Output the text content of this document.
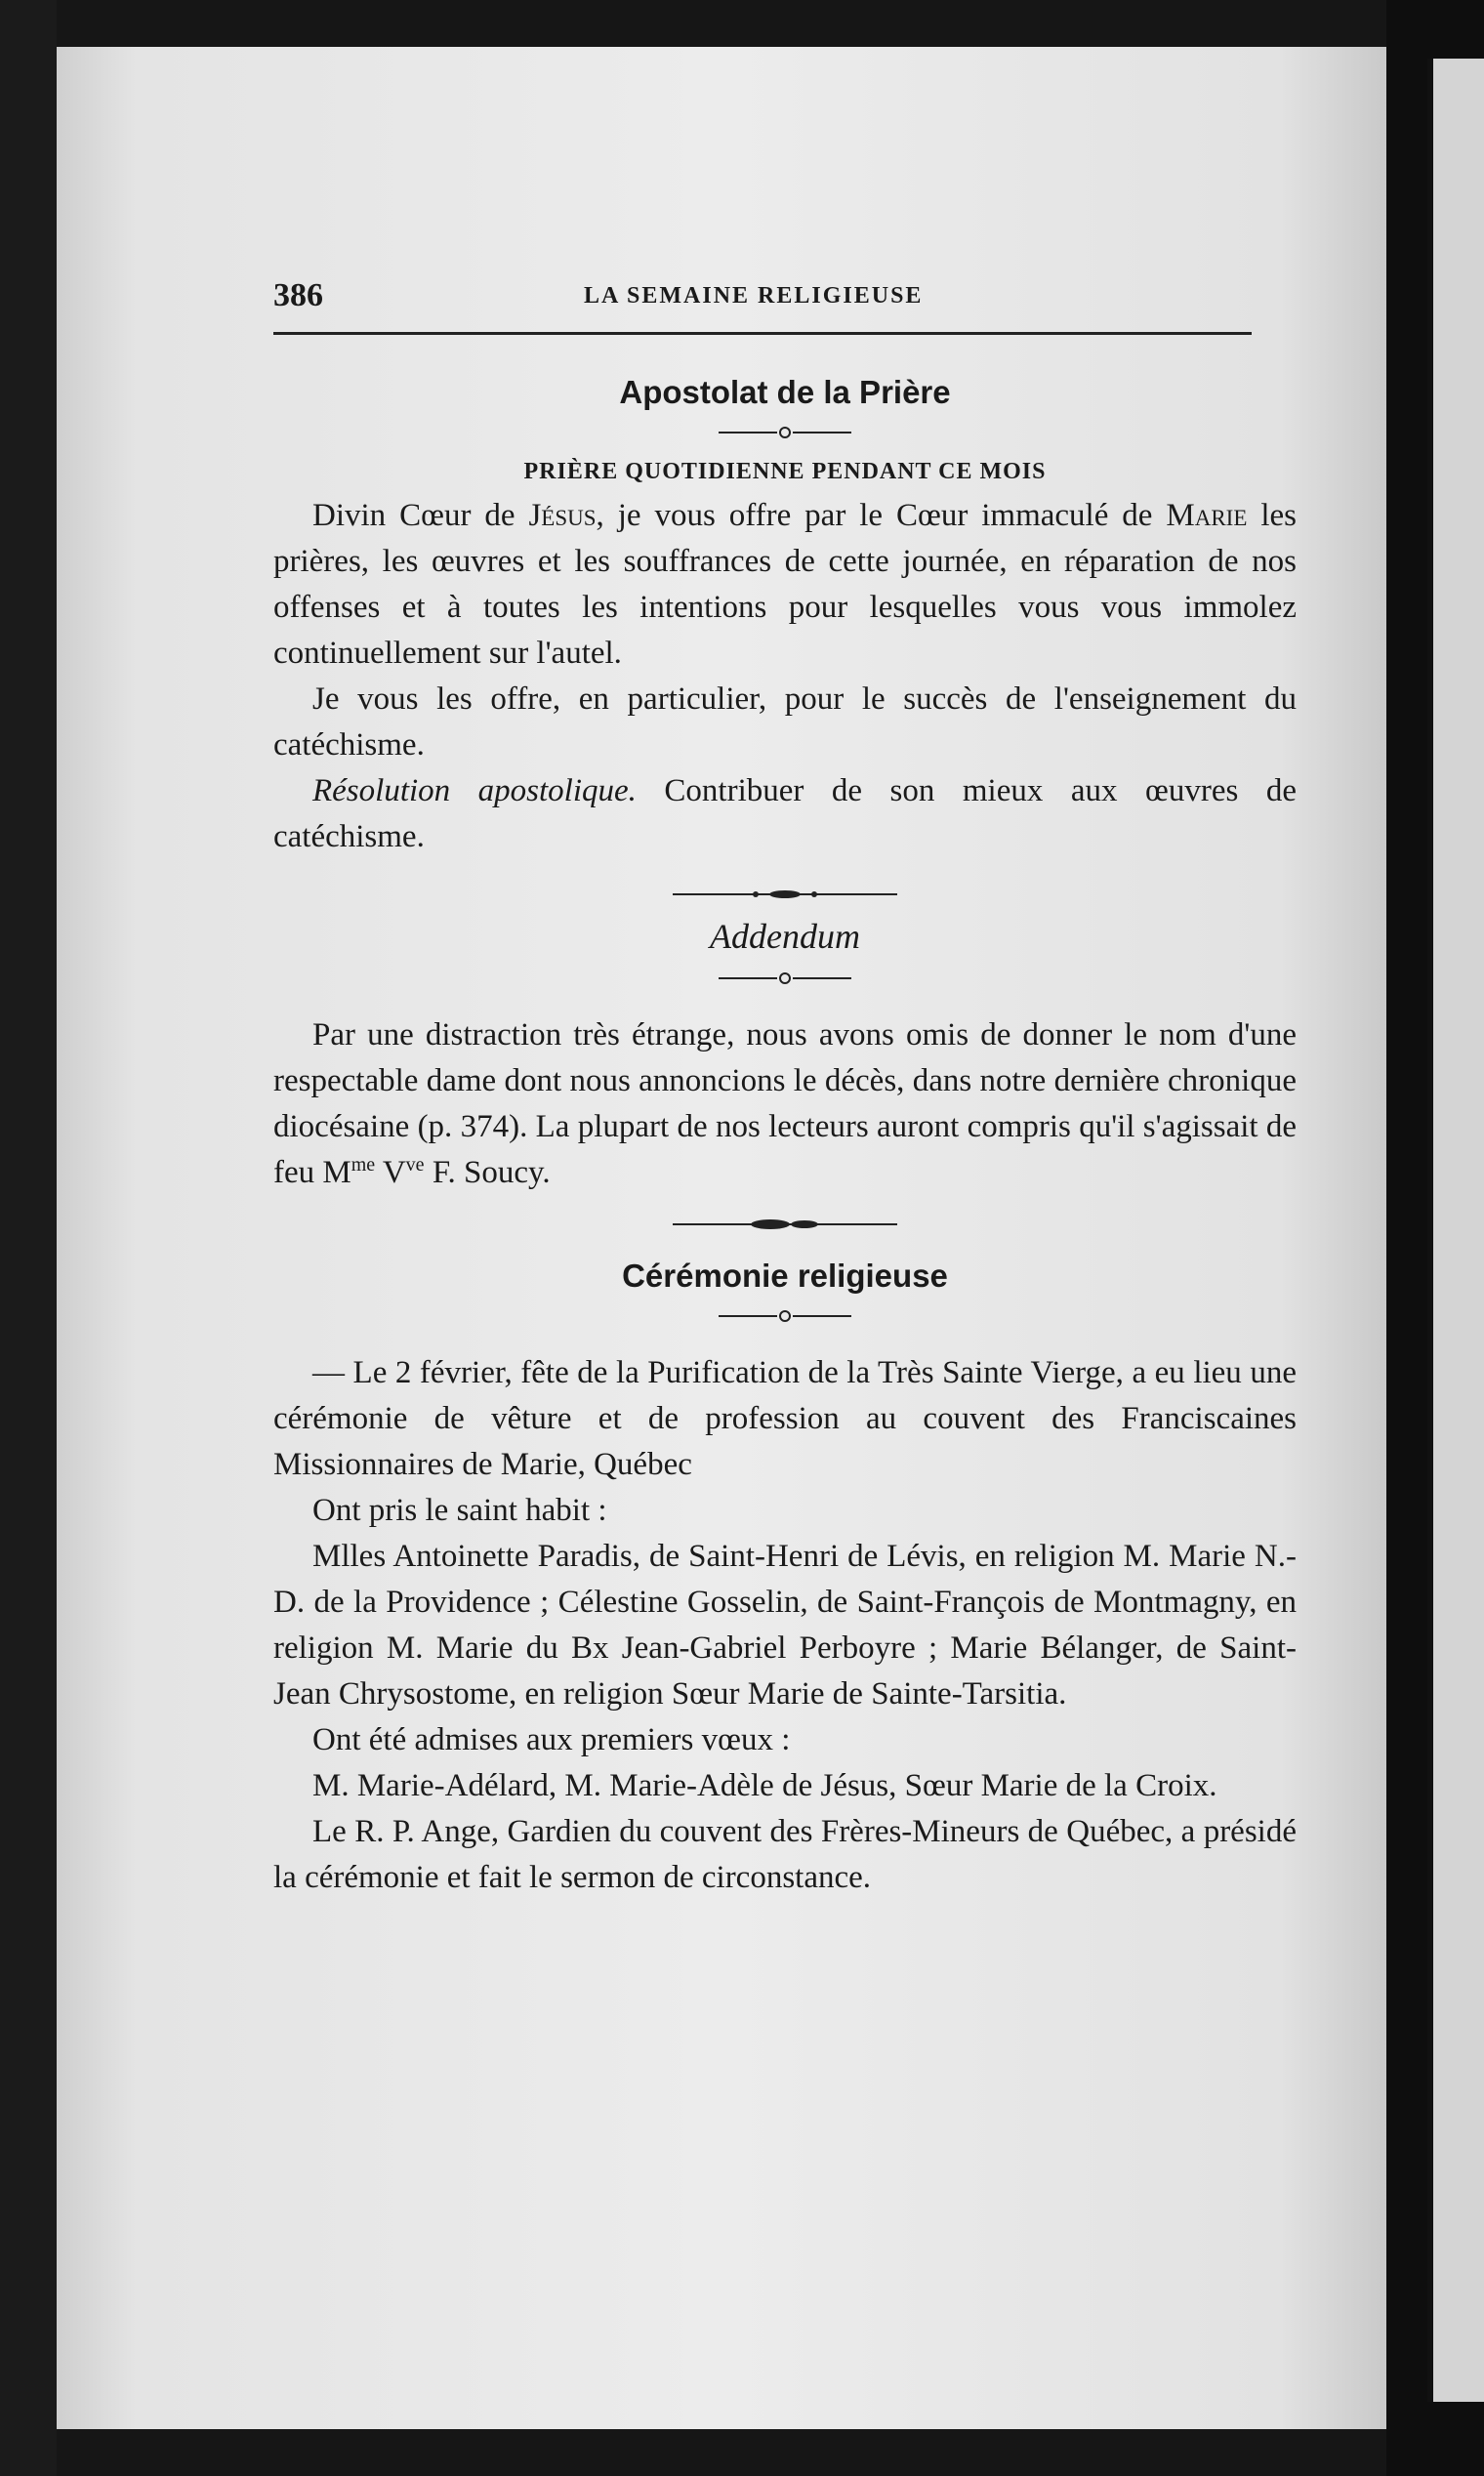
386	LA SEMAINE RELIGIEUSE
Apostolat de la Prière
PRIÈRE QUOTIDIENNE PENDANT CE MOIS

Divin Cœur de Jésus, je vous offre par le Cœur immaculé de Marie les prières, les œuvres et les souffrances de cette journée, en réparation de nos offenses et à toutes les intentions pour lesquelles vous vous immolez continuellement sur l'autel.

Je vous les offre, en particulier, pour le succès de l'enseignement du catéchisme.

Résolution apostolique. Contribuer de son mieux aux œuvres de catéchisme.

Addendum

Par une distraction très étrange, nous avons omis de donner le nom d'une respectable dame dont nous annoncions le décès, dans notre dernière chronique diocésaine (p. 374). La plupart de nos lecteurs auront compris qu'il s'agissait de feu $M^{me}$ $V^{ve}$ F. Soucy.

Cérémonie religieuse

— Le 2 février, fête de la Purification de la Très Sainte Vierge, a eu lieu une cérémonie de vêture et de profession au couvent des Franciscaines Missionnaires de Marie, Québec

Ont pris le saint habit :

Mlles Antoinette Paradis, de Saint-Henri de Lévis, en religion M. Marie N.-D. de la Providence ; Célestine Gosselin, de Saint-François de Montmagny, en religion M. Marie du Bx Jean-Gabriel Perboyre ; Marie Bélanger, de Saint-Jean Chrysostome, en religion Sœur Marie de Sainte-Tarsitia.

Ont été admises aux premiers vœux :

M. Marie-Adélard, M. Marie-Adèle de Jésus, Sœur Marie de la Croix.

Le R. P. Ange, Gardien du couvent des Frères-Mineurs de Québec, a présidé la cérémonie et fait le sermon de circonstance.
